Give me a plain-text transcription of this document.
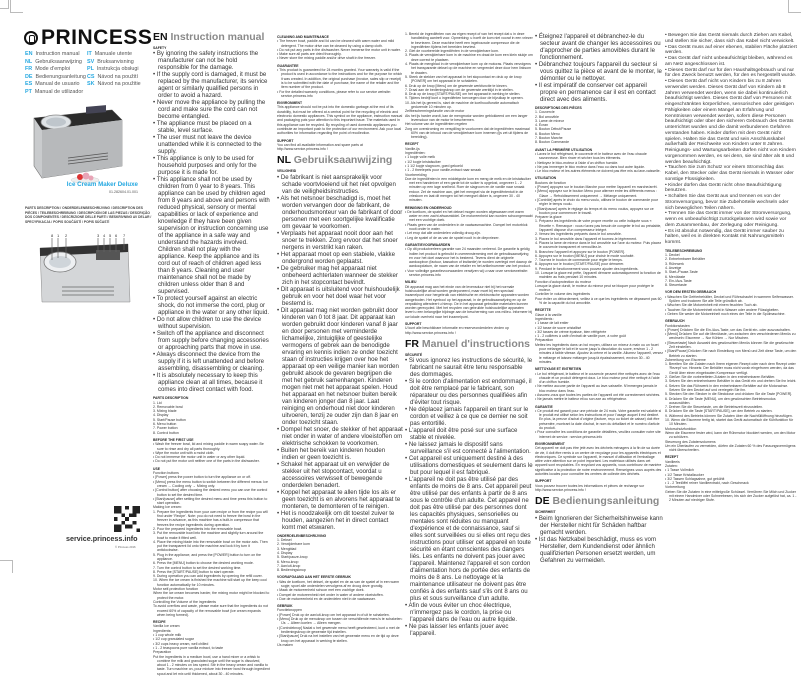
PRINCESS
EN Instruction manual	IT Manuale utente
NL Gebruiksaanwijzing SV Bruksanvisning
FR Mode d'emploi	PL Instrukcja obsługi
DE Bedienungsanleitung CS Návod na použití
ES Manual de usuario	SK Návod na použitie
PT Manual de utilizador
Ice Cream Maker Deluxe
01.282604.01.001
PARTS DESCRIPTION / ONDERDELENBESCHRIJVING / DESCRIPTION DES PIÈCES / TEILEBESCHREIBUNG / DESCRIPCIÓN DE LAS PIEZAS / DESCRIÇÃO DOS COMPONENTES / DESCRIZIONE DELLE PARTI / BESKRIVNING AV DELAR / SPECYFIKACJA / POPIS SOUČÁSTÍ / POPIS SÚČASTÍ
8 1 2	3 4 5 6 7
service.princess.info
© Princess 2016
EN Instruction manual
SAFETY

• By ignoring the safety instructions the manufacturer can not be hold responsible for the damage.

• If the supply cord is damaged, it must be replaced by the manufacturer, its service agent or similarly qualified persons in order to avoid a hazard.

• Never move the appliance by pulling the cord and make sure the cord can not become entangled.

• The appliance must be placed on a stable, level surface.

• The user must not leave the device unattended while it is connected to the supply.

• This appliance is only to be used for household purposes and only for the purpose it is made for.

• This appliance shall not be used by children from 0 year to 8 years. This appliance can be used by children aged from 8 years and above and persons with reduced physical, sensory or mental capabilities or lack of experience and knowledge if they have been given supervision or instruction concerning use of the appliance in a safe way and understand the hazards involved. Children shall not play with the appliance. Keep the appliance and its cord out of reach of children aged less than 8 years. Cleaning and user maintenance shall not be made by children unless older than 8 and supervised.

• To protect yourself against an electric shock, do not immerse the cord, plug or appliance in the water or any other liquid.

• Do not allow children to use the device without supervision.

• Switch off the appliance and disconnect from supply before changing accessories or approaching parts that move in use.

• Always disconnect the device from the supply if it is left unattended and before assembling, disassembling or cleaning.

• It is absolutely necessary to keep this appliance clean at all times, because it comes into direct contact with food.

PARTS DESCRIPTION

1. Lid

2. Removable bowl

3. Mixing blade

4. Display

5. Start/Pause button

6. Menu button

7. Power button

8. Control button

BEFORE THE FIRST USE

• Wash the freezer bowl, lid and mixing paddle in warm soapy water. Be sure to rinse and dry all parts thoroughly.

• Wipe the motor unit with a moist cloth.

• Do not immerse the motor unit in water or any other liquid.

• Do not put the motor unit neither one of the parts in the dishwasher.

USE

Function buttons

• [Power] press the power button to turn the appliance on or off.

• [Menu] press the menu button to switch between the different menus: Ice cream → Cooling only → Mixing only.

• [Control button] after choosing the desired menu you can use the control button to set the desired time.

• [Start/pause] after setting the desired menu and time press this button to start operation.

Making Ice cream:

1. Prepare the ingredients from your own recipe or from the recipe you will find under 'Recipe'. Note: you do not need to freeze the bowl in the freezer in advance, as this machine has a built-in compressor that freezes the recipe ingredients during operation.

2. Pour the prepared ingredients into the removable bowl.

3. Put the removable bowl into the machine and slightly turn around the bowl to make it fitted well.

4. Place the mixing blade into the removable bowl on the motor axis. Then put the transparent lid onto the machine and lock it by turn it anticlockwise.

5. Plug in the appliance, and press the [POWER] button to turn on the appliance.

6. Press the [MENU] button to choose the desired working mode.

7. Turn the control button to set the desired working time.

8. Press the [START/PAUSE] button to start operate.

9. During operation you can add ingredients by opening the refill cover.

10. When the ice cream is finished the machine will start up the keep cool function automatically for 10 minutes.

Motor self-protection function

When the ice cream becomes harder, the mixing motor might be blocked to protect the motor.

Controlling the Volume of the ingredients

To avoid overflow and waste, please make sure that the ingredients do not exceed 60% of capacity of the removable bowl (ice cream expands when being formed).

RECIPE

Vanilla Ice cream

Ingredients:

• 1 cup whole milk

• 1/2 cup granulated sugar

• 3/2 cups heavy cream, well chilled

• 1 - 2 teaspoons pure vanilla extract, to taste

Preparation

Put the ingredients in a medium bowl, use a hand mixer or a whisk to combine the milk and granulated sugar until the sugar is dissolved, about 1 - 2 minutes on low speed. Stir in the heavy cream and vanilla to taste. Turn machine on, pour mixture into freezer bowl through ingredient spout and let mix until thickened, about 30 - 40 minutes.

CLEANING AND MAINTENANCE

• The freezer bowl, paddle and lid can be cleaned with warm water and mild detergent. The motor drive can be cleaned by using a damp cloth.

• Do not put any parts in the dishwasher. Never immerse the motor unit in water.

• Make sure all parts are dried thoroughly.

• Never store the mixing paddle and/or drive shaft in the freezer.

GUARANTEE

• This product is guaranteed for 24 months granted. Your warranty is valid if the product is used in accordance to the instructions and for the purpose for which it was created. In addition, the original purchase (invoice, sales slip or receipt) is to be submitted with the date of purchase, the name of the retailer and the item number of the product.

• For the detailed warranty conditions, please refer to our service website: service.princess.info

ENVIRONMENT

This appliance should not be put into the domestic garbage at the end of its durability, but must be offered at a central point for the recycling of electric and electronic domestic appliances. This symbol on the appliance, instruction manual and packaging puts your attention to this important issue. The materials used in this appliance can be recycled. By recycling of used domestic appliances you contribute an important push to the protection of our environment. Ask your local authorities for information regarding the point of recollection.

SUPPORT

You can find all available information and spare parts at http://www.service.princess.info !

NL Gebruiksaanwijzing
VEILIGHEID

• De fabrikant is niet aansprakelijk voor schade voortvloeiend uit het niet opvolgen van de veiligheidsinstructies.

• Als het netsnoer beschadigd is, moet het worden vervangen door de fabrikant, de onderhoudsmonteur van de fabrikant of door personen met een soortgelijke kwalificatie om gevaar te voorkomen.

• Verplaats het apparaat nooit door aan het snoer te trekken. Zorg ervoor dat het snoer nergens in verstrikt kan raken.

• Het apparaat moet op een stabiele, vlakke ondergrond worden geplaatst.

• De gebruiker mag het apparaat niet onbeheerd achterlaten wanneer de stekker zich in het stopcontact bevindt.

• Dit apparaat is uitsluitend voor huishoudelijk gebruik en voor het doel waar het voor bestemd is.

• Dit apparaat mag niet worden gebruikt door kinderen van 0 tot 8 jaar. Dit apparaat kan worden gebruikt door kinderen vanaf 8 jaar en door personen met verminderde lichamelijke, zintuiglijke of geestelijke vermogens of gebrek aan de benodigde ervaring en kennis indien ze onder toezicht staan of instructies krijgen over hoe het apparaat op een veilige manier kan worden gebruikt alsook de gevaren begrijpen die met het gebruik samenhangen. Kinderen mogen niet met het apparaat spelen. Houd het apparaat en het netsnoer buiten bereik van kinderen jonger dan 8 jaar. Laat reiniging en onderhoud niet door kinderen uitvoeren, tenzij ze ouder zijn dan 8 jaar en onder toezicht staan.

• Dompel het snoer, de stekker of het apparaat niet onder in water of andere vloeistoffen om elektrische schokken te voorkomen.

• Buiten het bereik van kinderen houden indien er geen toezicht is.

• Schakel het apparaat uit en verwijder de stekker uit het stopcontact, voordat u accessoires verwisselt of bewegende onderdelen benadert.

• Koppel het apparaat te allen tijde los als er geen toezicht is en alvorens het apparaat te monteren, te demonteren of te reinigen.

• Het is noodzakelijk om dit toestel zuiver te houden, aangezien het in direct contact komt met etswaren.

ONDERDELENBESCHRIJVING

1. Deksel

2. Verwijderbare kom

3. Mengblad

4. Display

5. Start/pauze-knop

6. Menu-knop

7. Aan/uit-knop

8. Bedieningsknop

VOORAFGAAND AAN HET EERSTE GEBRUIK

• Was de koelkom, het deksel, de spatel en de as van de spatel af in een warm sopje; spoel alle onderdelen vervolgens af en droog deze grondig.

• Maak de motoreenheid schoon met een vochtige doek.

• Dompel de motoreenheid niet onder in water of andere vloeistoffen.

• Doe de motoreenheid en de onderdelen niet in de vaatwasser.

GEBRUIK

Functieknoppen

• [Power] Druk op de aan/uit-knop om het apparaat in of uit te schakelen.

• [Menu] Druk op de menuknop om tussen de verschillende menu's te schakelen: IJs → Alleen koelen → Alleen mengen.

• [Controleknop] Nadat u het gewenste menu heeft geselecteerd, kunt u met de bedieningsknop de gewenste tijd instellen.

• [Start/pauze] Druk na het instellen van het gewenste menu en de tijd op deze knop om het apparaat in werking te stellen.

IJs maken

1. Bereid de ingrediënten van uw eigen recept of van het recept dat u in deze handleiding aantreft voor. Opmerking: u hoeft de kom niet vooraf in een vriezer te bevriezen. Deze machine heeft een ingebouwde compressor die de ingrediënten tijdens het bereiden bevriest.

2. Giet de voorbereide ingrediënten in de verwijderbare kom.

3. Plaats de verwijderbare kom in de machine en draai de kom een klein stukje om deze correct te plaatsen.

4. Plaats de mengblad in de verwijderbare kom op de motoras. Plaats vervolgens het transparante deksel op de machine en vergrendel deze door hem linksom te draaien.

5. Steek de stekker van het apparaat in het stopcontact en druk op de knop [POWER] om het apparaat in te schakelen.

6. Druk op de knop [Menu] om de gewenste werkfunctie te kiezen.

7. Draai aan de bedieningsknop om de gewenste werktijd in te stellen.

8. Druk op de knop [START/PAUSE] om het apparaat in werking te stellen.

9. Tijdens bedrijf kunt u ingrediënten toevoegen door de bijvulkap te openen.

10. Als het ijs gereed is, start de machine de koelhoudfunctie automatisch gedurende 10 minuten op.

Zelfbeschermingsfunctie van de motor

Als het ijs harder wordt, kan de mengmotor worden geblokkeerd om een langer levensduur van de motor te beschermen.

Het volume van de ingrediënten regelen

Zorg om overstroming en verspilling te voorkomen dat de ingrediënten maximaal 60% van de inhoud van de verwijderbare kom innemen (ijs zet uit tijdens de bereiding).

RECEPT

Vanille-ijs

Ingrediënten:

• 1 kopje volle melk

• 1/2 kopje kristalsuiker

• 1 1/2 kopje slagroom, goed gekoeld

• 1 - 2 theelepels puur vanille-extract naar smaak

Voorbereiding

Doe de ingrediënten in een middelgrote kom en meng de melk en de kristalsuiker met een handmixer of een garde tot de suiker is opgelost, ongeveer 1 - 2 minuten op een lage snelheid. Roer de slagroom en de vanille naar smaak erdoor. Zet de machine aan, giet het mengsel via de ingrediëntentuit in de vrieskom en laat dit mengen tot het mengsel dikker is, ongeveer 30 - 40 minuten.

REINIGING EN ONDERHOUD

• De koelkom, de spatel en het deksel mogen worden afgewassen met warm water en een zacht afwasmiddel. De motoreenheid kan worden schoongemaakt met een vochtige doek.

• Plaats geen van de onderdelen in de vaatwasmachine. Dompel het motorblok nooit onder in water.

• Let erop dat alle onderdelen volledig droog zijn.

• Leg de spatel of de as van de spatel nooit in de diepvriezer.

GARANTIEVOORWAARDEN

• Op dit productverleen garantie van 24 maanden verleend. De garantie is geldig indien het product is gebruikt in overeenstemming met de gebruiksaanwijzing en voor het doel waarvoor het is bestemd. Tevens dient de originele aankoopbon (factuur, kassabon of kwitantie) te worden overlegd met daarop de aankoopdatum, de naam van de retailer en het artikelnummer van het product.

• Voor volledige garantievoorwaarden verwijzen wij u naar onze servicewebsite: service.princess.info

MILIEU

Dit apparaat mag aan het einde van de levensduur niet bij het normale huishoudelijke afval worden gedeponeerd, maar moet bij een speciaal inzamelpunt voor hergebruik van elektrische en elektronische apparaten worden aangeboden. Het symbool op het apparaat, in de gebruiksaanwijzing en op de verpakking attendeert u hierop. De in het apparaat gebruikte materialen kunnen worden gerecycled. Met het recyclen van gebruikte huishoudelijke apparaten levert u een belangrijke bijdrage aan de bescherming van ons milieu. Informeer bij uw lokale overheid naar het inzamelpunt.

SUPPORT

U kunt alle beschikbare informatie en reserveonderdelen vinden op http://www.service.princess.info !

FR Manuel d'instructions
SÉCURITÉ

• Si vous ignorez les instructions de sécurité, le fabricant ne saurait être tenu responsable des dommages.

• Si le cordon d'alimentation est endommagé, il doit être remplacé par le fabricant, son réparateur ou des personnes qualifiées afin d'éviter tout risque.

• Ne déplacez jamais l'appareil en tirant sur le cordon et veillez à ce que ce dernier ne soit pas entortillé.

• L'appareil doit être posé sur une surface stable et nivelée.

• Ne laissez jamais le dispositif sans surveillance s'il est connecté à l'alimentation.

• Cet appareil est uniquement destiné à des utilisations domestiques et seulement dans le but pour lequel il est fabriqué.

• L'appareil ne doit pas être utilisé par des enfants de moins de 8 ans. Cet appareil peut être utilisé par des enfants à partir de 8 ans sous le contrôle d'un adulte. Cet appareil ne doit pas être utilisé par des personnes dont les capacités physiques, sensorielles ou mentales sont réduites ou manquant d'expérience et de connaissance, sauf si elles sont surveillées ou si elles ont reçu des instructions pour utiliser cet appareil en toute sécurité en étant conscientes des dangers liés. Les enfants ne doivent pas jouer avec l'appareil. Maintenez l'appareil et son cordon d'alimentation hors de portée des enfants de moins de 8 ans. Le nettoyage et la maintenance utilisateur ne doivent pas être confiés à des enfants sauf s'ils ont 8 ans ou plus et sous surveillance d'un adulte.

• Afin de vous éviter un choc électrique, n'immergez pas le cordon, la prise ou l'appareil dans de l'eau ou autre liquide.

• Ne pas laisser les enfants jouer avec l'appareil.

• Éteignez l'appareil et débranchez-le du secteur avant de changer les accessoires ou d'approcher de parties amovibles durant le fonctionnement.

• Débranchez toujours l'appareil du secteur si vous quittez la pièce et avant de le monter, le démonter ou le nettoyer.

• Il est impératif de conserver cet appareil propre en permanence car il est en contact direct avec des aliments.

DESCRIPTIONS DES PIÈCES

1. Couvercle

2. Bol amovible

3. Lame de mixeur

4. Écran

5. Bouton Début/Pause

6. Bouton Menu

7. Bouton Marche

8. Bouton Commande

AVANT LA PREMIÈRE UTILISATION

• Lavez le bol réfrigérant, le couvercle et le batteur avec de l'eau chaude savonneuse. Bien rincer et sécher tous les éléments.

• Nettoyez le bloc-moteur à l'aide d'un chiffon humide.

• Ne pas immerger le bloc moteur dans l'eau ou dans tout autre liquide.

• Le bloc moteur et les autres éléments ne doivent pas être mis au lave-vaisselle.

UTILISATION

Boutons de fonction

• [Power] appuyez sur le bouton Marche pour mettre l'appareil en marche/arrêt.

• [Menu] appuyez sur le bouton Menu pour alterner entre les différents menus : Glace → Refroidissement uniquement → Mélange uniquement.

• [Contrôle] après le choix du menu voulu, utilisez le bouton de commande pour régler le temps voulu.

• [Start/pause] après le réglage du temps et du menu voulus, appuyez sur ce bouton pour commencer le travail.

Préparer la glace

1. Préparez les ingrédients de votre propre recette ou celle indiquée sous « Recette ». Remarque : vous n'avez pas besoin de congeler le bol au préalable, l'appareil dispose d'un compresseur intégré.

2. Versez les ingrédients préparés dans le bol amovible.

3. Placez le bol amovible dans l'appareil et tournez-le légèrement.

4. Placez la lame de mixeur dans le bol amovible sur l'axe du moteur. Puis placez le couvercle transparent et verrouillez-le.

5. Branchez l'appareil et appuyez sur le bouton [POWER].

6. Appuyez sur le bouton [MENU] pour choisir le mode souhaité.

7. Tournez le bouton de commande pour régler le temps.

8. Appuyez sur le bouton [START/PAUSE] pour démarrer.

9. Pendant le fonctionnement vous pouvez ajouter des ingrédients.

10. Lorsque la glace est prête, l'appareil démarre automatiquement la fonction de maintien au frais pendant 10 minutes.

Fonction d'autoprotection du moteur

Lorsque la glace durcit, le moteur du mixeur peut se bloquer pour protéger le moteur.

Contrôler le volume des ingrédients

Pour éviter un débordement, veillez à ce que les ingrédients ne dépassent pas 60 % de la capacité du bol amovible.

RECETTE

Glace à la vanille

Ingrédients :

• 1 tasse de lait entier

• 1/2 tasse de sucre cristallisé

• 3/2 tasses de crème épaisse, bien réfrigérée

• 1 - 2 cuillères à café d'extrait de vanille pure, à votre goût

Préparation

Mettez les ingrédients dans un bol moyen, utilisez un mixeur à main ou un fouet pour mélanger le lait et le sucre jusqu'à dissolution du sucre, environ 1 - 2 minutes à faible vitesse. Ajoutez la crème et la vanille. Allumez l'appareil, versez le mélange et laissez mélanger jusqu'à épaississement, environ 30 - 40 minutes.

NETTOYAGE ET ENTRETIEN

• Le bol réfrigérant, le batteur et le couvercle peuvent être nettoyés avec de l'eau chaude et un produit détergent doux. Le bloc moteur peut être nettoyé à l'aide d'un chiffon humide.

• Ne mettez aucune partie de l'appareil au lave-vaisselle. N'immergez jamais le bloc moteur dans l'eau.

• Assurez-vous que toutes les parties de l'appareil ont été correctement séchées.

• Ne jamais mettre le batteur et/ou son axe au réfrigérateur.

GARANTIE

• Ce produit est garanti pour une période de 24 mois. Votre garantie est valable si le produit est utilisé selon les instructions et pour l'usage auquel il est destiné. En plus, la preuve d'achat d'origine (facture, reçu ou ticket de caisse) doit être présentée, montrant la date d'achat, le nom du détaillant et le numéro d'article du produit.

• Pour connaître les conditions de garantie détaillées, veuillez consulter notre site internet de service : service.princess.info

ENVIRONNEMENT

Cet appareil ne doit pas être jeté avec les déchets ménagers à la fin de sa durée de vie, il doit être remis à un centre de recyclage pour les appareils électriques et électroniques. Ce symbole sur l'appareil, le manuel d'utilisation et l'emballage attire votre attention sur ce point important. Les matériaux utilisés dans cet appareil sont recyclables. En recyclant vos appareils, vous contribuez de manière significative à la protection de notre environnement. Renseignez-vous auprès des autorités locales pour connaître les centres de collecte des déchets.

SUPPORT

Vous pouvez trouver toutes les informations et pièces de rechange sur http://www.service.princess.info !

DE Bedienungsanleitung
SICHERHEIT

• Beim Ignorieren der Sicherheitshinweise kann der Hersteller nicht für Schäden haftbar gemacht werden.

• Ist das Netzkabel beschädigt, muss es vom Hersteller, dem Kundendienst oder ähnlich qualifizierten Personen ersetzt werden, um Gefahren zu vermeiden.

• Bewegen Sie das Gerät niemals durch Ziehen am Kabel, und stellen Sie sicher, dass sich das Kabel nicht verwickelt.

• Das Gerät muss auf einer ebenen, stabilen Fläche platziert werden.

• Das Gerät darf nicht unbeaufsichtigt bleiben, während es am Netz angeschlossen ist.

• Dieses Gerät darf nur für den Haushaltsgebrauch und nur für den Zweck benutzt werden, für den es hergestellt wurde.

• Dieses Gerät darf nicht von Kindern bis zu 8 Jahren verwendet werden. Dieses Gerät darf von Kindern ab 8 Jahren verwendet werden, wenn sie dabei kontinuierlich beaufsichtigt werden. Dieses Gerät darf von Personen mit eingeschränkten körperlichen, sensorischen oder geistigen Fähigkeiten oder einem Mangel an Erfahrung und Kenntnissen verwendet werden, sofern diese Personen beaufsichtigt oder über den sicheren Gebrauch des Geräts unterrichtet wurden und die damit verbundenen Gefahren verstanden haben. Kinder dürfen mit dem Gerät nicht spielen. Halten Sie das Gerät und sein Anschlusskabel außerhalb der Reichweite von Kindern unter 8 Jahren. Reinigungs- und Wartungsarbeiten dürfen nicht von Kindern vorgenommen werden, es sei denn, sie sind älter als 8 und werden beaufsichtigt.

• Tauchen Sie zum Schutz vor einem Stromschlag das Kabel, den Stecker oder das Gerät niemals in Wasser oder sonstige Flüssigkeiten.

• Kinder dürfen das Gerät nicht ohne Beaufsichtigung benutzen.

• Schalten Sie das Gerät aus und trennen es von der Stromversorgung, bevor Sie Zubehörteile wechseln oder sich beweglichen Teilen nähern.

• Trennen Sie das Gerät immer von der Stromversorgung, wenn es unbeaufsichtigt zurückgelassen wird sowie vor dem Zusammenbau, der Zerlegung oder Reinigung.

• Es ist absolut notwendig, das Gerät immer sauber zu halten, weil es in direkten Kontakt mit Nahrungsmitteln kommt.

TEILEBESCHREIBUNG

1. Deckel

2. Entnehmbarer Behälter

3. Rührwerk

4. Anzeige

5. Start-/Pause-Taste

6. Menütaste

7. Ein-/Aus-Taste

8. Steuertaste

VOR DEM ERSTEN GEBRAUCH

• Waschen Sie Gefrierbehälter, Deckel und Rührschaufel in warmem Seifenwasser. Spülen und trocknen Sie alle Teile gründlich ab.

• Wischen Sie die Motoreinheit mit einem feuchten Tuch ab.

• Tauchen Sie die Motoreinheit nicht in Wasser oder andere Flüssigkeiten.

• Geben Sie weder die Motoreinheit noch eines der Teile in die Spülmaschine.

GEBRAUCH

Funktionstasten

• [Power] Drücken Sie die Ein-/Aus-Taste, um das Gerät ein- oder auszuschalten.

• [Menü] Drücken Sie auf die Menütaste, um zwischen den verschiedenen Menüs zu wechseln: Eiscreme → Nur Kühlen → Nur Mischen.

• [Steuertaste] Nach Auswahl des gewünschten Menüs können Sie die gewünschte Zeit einstellen.

• [Start/Pause] Drücken Sie nach Einstellung von Menü und Zeit diese Taste, um den Betrieb zu starten.

Zubereitung von Eiscreme

1. Bereiten Sie die Zutaten nach Ihrem eigenen Rezept oder nach dem Rezept unter 'Rezept' vor. Hinweis: Der Behälter muss nicht vorab eingefroren werden, da das Gerät über einen eingebauten Kompressor verfügt.

2. Gießen Sie die vorbereiteten Zutaten in den entnehmbaren Behälter.

3. Setzen Sie den entnehmbaren Behälter in das Gerät ein und drehen Sie ihn leicht.

4. Setzen Sie das Rührwerk in den entnehmbaren Behälter auf die Motorachse. Setzen Sie den Deckel auf und verriegeln Sie ihn.

5. Stecken Sie den Stecker in die Steckdose und drücken Sie die Taste [POWER].

6. Drücken Sie die Taste [MENU], um den gewünschten Betriebsmodus auszuwählen.

7. Drehen Sie die Steuertaste, um die Betriebszeit einzustellen.

8. Drücken Sie die Taste [START/PAUSE], um den Betrieb zu starten.

9. Während des Betriebs können Sie Zutaten über die Nachfüllöffnung hinzufügen.

10. Wenn die Eiscreme fertig ist, startet das Gerät automatisch die Kühlfunktion für 10 Minuten.

Motorschutzfunktion

Wenn die Eiscreme fester wird, kann der Rührmotor blockiert werden, um den Motor zu schützen.

Steuerung des Zutatenvolumens

Um ein Überlaufen zu vermeiden, dürfen die Zutaten 60 % des Fassungsvermögens nicht überschreiten.

REZEPT

Vanilleeis

Zutaten:

• 1 Tasse Vollmilch

• 1/2 Tasse Kristallzucker

• 3/2 Tassen Schlagsahne, gut gekühlt

• 1 - 2 Teelöffel reiner Vanilleextrakt, nach Geschmack

Vorbereitung

Geben Sie die Zutaten in eine mittelgroße Schüssel. Verrühren Sie Milch und Zucker mit einem Handmixer oder Schneebesen, bis sich der Zucker aufgelöst hat, ca. 1 - 2 Minuten auf niedriger Stufe.
